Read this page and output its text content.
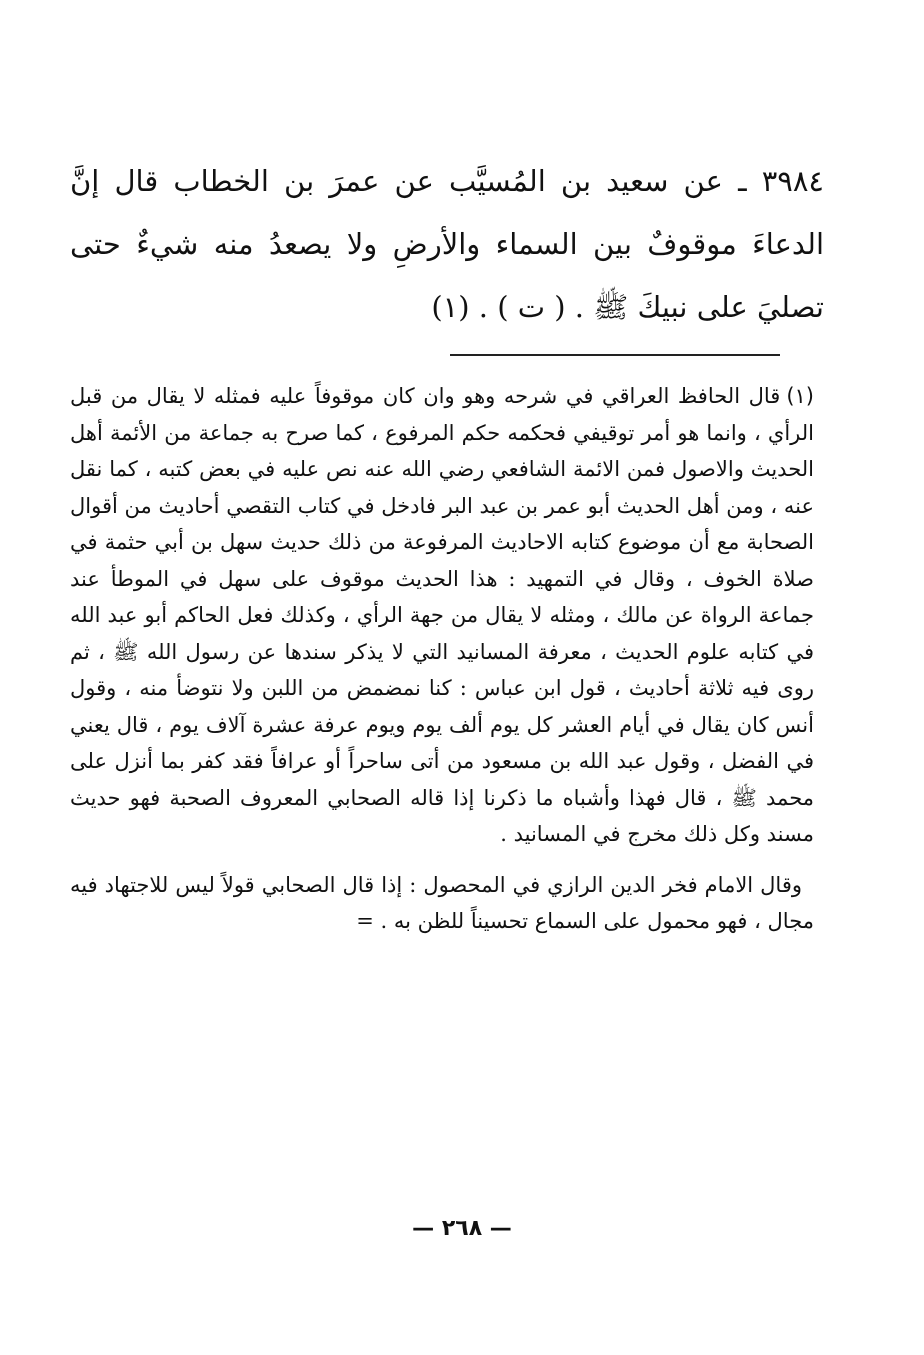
٣٩٨٤ ـ عن سعيد بن المُسيَّب عن عمرَ بن الخطاب قال إنَّ الدعاءَ موقوفٌ بين السماء والأرضِ ولا يصعدُ منه شيءٌ حتى تصليَ على نبيكَ ﷺ . ( ت ) . (١)

(١)قال الحافظ العراقي في شرحه وهو وان كان موقوفاً عليه فمثله لا يقال من قبل الرأي ، وانما هو أمر توقيفي فحكمه حكم المرفوع ، كما صرح به جماعة من الأئمة أهل الحديث والاصول فمن الائمة الشافعي رضي الله عنه نص عليه في بعض كتبه ، كما نقل عنه ، ومن أهل الحديث أبو عمر بن عبد البر فادخل في كتاب التقصي أحاديث من أقوال الصحابة مع أن موضوع كتابه الاحاديث المرفوعة من ذلك حديث سهل بن أبي حثمة في صلاة الخوف ، وقال في التمهيد : هذا الحديث موقوف على سهل في الموطأ عند جماعة الرواة عن مالك ، ومثله لا يقال من جهة الرأي ، وكذلك فعل الحاكم أبو عبد الله في كتابه علوم الحديث ، معرفة المسانيد التي لا يذكر سندها عن رسول الله ﷺ ، ثم روى فيه ثلاثة أحاديث ، قول ابن عباس : كنا نمضمض من اللبن ولا نتوضأ منه ، وقول أنس كان يقال في أيام العشر كل يوم ألف يوم ويوم عرفة عشرة آلاف يوم ، قال يعني في الفضل ، وقول عبد الله بن مسعود من أتى ساحراً أو عرافاً فقد كفر بما أنزل على محمد ﷺ ، قال فهذا وأشباه ما ذكرنا إذا قاله الصحابي المعروف الصحبة فهو حديث مسند وكل ذلك مخرج في المسانيد .

وقال الامام فخر الدين الرازي في المحصول : إذا قال الصحابي قولاً ليس للاجتهاد فيه مجال ، فهو محمول على السماع تحسيناً للظن به . =

— ٢٦٨ —
